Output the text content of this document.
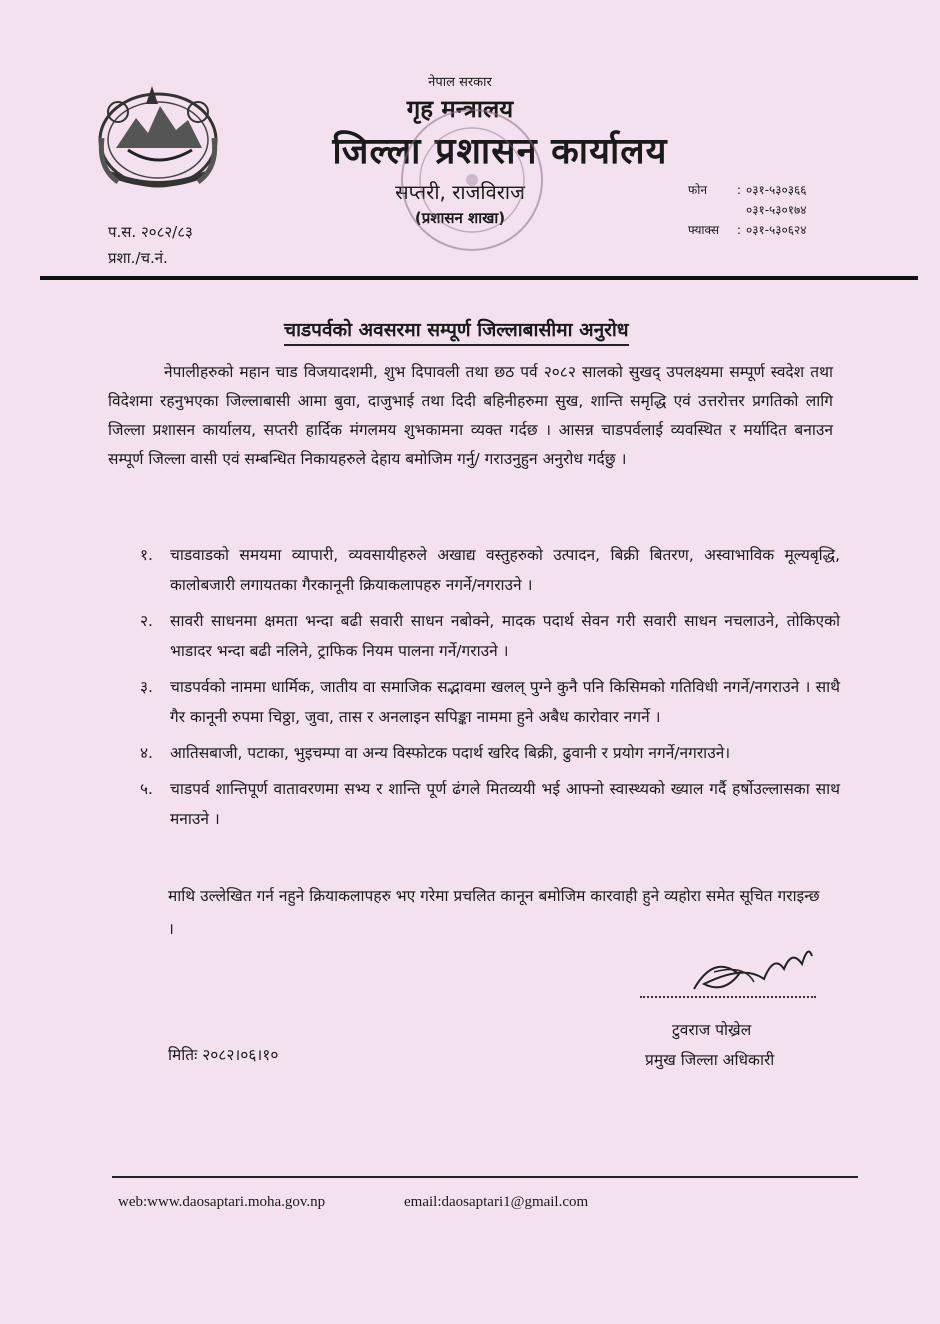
नेपाल सरकार
गृह मन्त्रालय
जिल्ला प्रशासन कार्यालय
सप्तरी, राजविराज
(प्रशासन शाखा)
प.स. २०८२/८३
प्रशा./च.नं.
फोन	: ०३१-५३०३६६
०३१-५३०१७४
फ्याक्स	: ०३१-५३०६२४
चाडपर्वको अवसरमा सम्पूर्ण जिल्लाबासीमा अनुरोध
नेपालीहरुको महान चाड विजयादशमी, शुभ दिपावली तथा छठ पर्व २०८२ सालको सुखद् उपलक्ष्यमा सम्पूर्ण स्वदेश तथा विदेशमा रहनुभएका जिल्लाबासी आमा बुवा, दाजुभाई तथा दिदी बहिनीहरुमा सुख, शान्ति समृद्धि एवं उत्तरोत्तर प्रगतिको लागि जिल्ला प्रशासन कार्यालय, सप्तरी हार्दिक मंगलमय शुभकामना व्यक्त गर्दछ । आसन्न चाडपर्वलाई व्यवस्थित र मर्यादित बनाउन सम्पूर्ण जिल्ला वासी एवं सम्बन्धित निकायहरुले देहाय बमोजिम गर्नु/ गराउनुहुन अनुरोध गर्दछु ।
१.	चाडवाडको समयमा व्यापारी, व्यवसायीहरुले अखाद्य वस्तुहरुको उत्पादन, बिक्री बितरण, अस्वाभाविक मूल्यबृद्धि, कालोबजारी लगायतका गैरकानूनी क्रियाकलापहरु नगर्ने/नगराउने ।
२.	सावरी साधनमा क्षमता भन्दा बढी सवारी साधन नबोक्ने, मादक पदार्थ सेवन गरी सवारी साधन नचलाउने, तोकिएको भाडादर भन्दा बढी नलिने, ट्राफिक नियम पालना गर्ने/गराउने ।
३.	चाडपर्वको नाममा धार्मिक, जातीय वा समाजिक सद्भावमा खलल् पुग्ने कुनै पनि किसिमको गतिविधी नगर्ने/नगराउने । साथै गैर कानूनी रुपमा चिठ्ठा, जुवा, तास र अनलाइन सपिङ्का नाममा हुने अबैध कारोवार नगर्ने ।
४.	आतिसबाजी, पटाका, भुइचम्पा वा अन्य विस्फोटक पदार्थ खरिद बिक्री, ढुवानी र प्रयोग नगर्ने/नगराउने।
५.	चाडपर्व शान्तिपूर्ण वातावरणमा सभ्य र शान्ति पूर्ण ढंगले मितव्ययी भई आफ्नो स्वास्थ्यको ख्याल गर्दै हर्षोउल्लासका साथ मनाउने ।
माथि उल्लेखित गर्न नहुने क्रियाकलापहरु भए गरेमा प्रचलित कानून बमोजिम कारवाही हुने व्यहोरा समेत सूचित गराइन्छ ।
टुवराज पोख्रेल
प्रमुख जिल्ला अधिकारी
मितिः २०८२।०६।१०
web:www.daosaptari.moha.gov.np	email:daosaptari1@gmail.com
